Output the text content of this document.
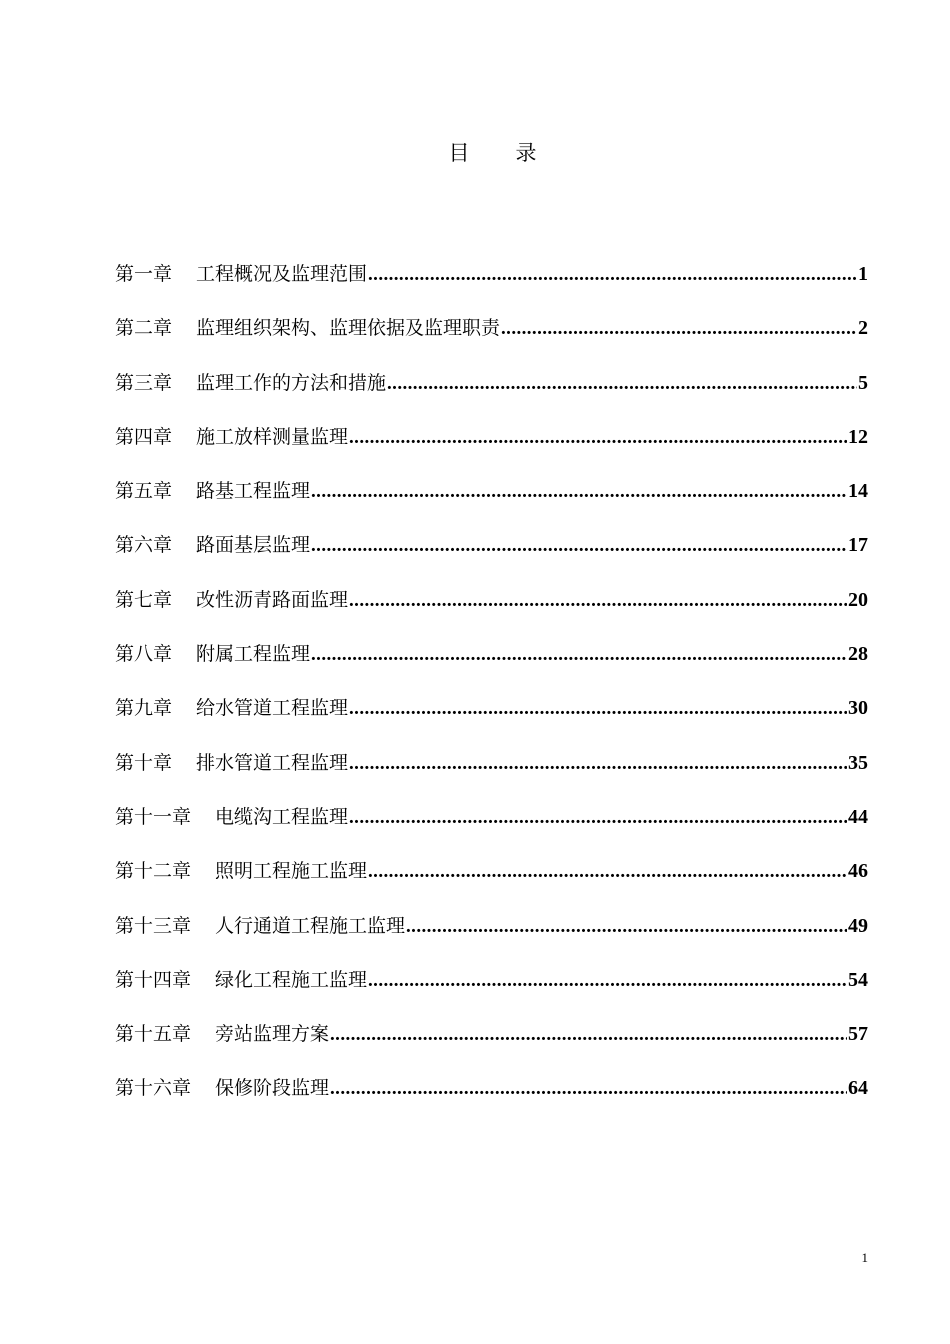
目 录
第一章 工程概况及监理范围 .....	1
第二章 监理组织架构、监理依据及监理职责 .....	2
第三章 监理工作的方法和措施 .....	5
第四章 施工放样测量监理 .....	12
第五章 路基工程监理 .....	14
第六章 路面基层监理 .....	17
第七章 改性沥青路面监理 .....	20
第八章 附属工程监理 .....	28
第九章 给水管道工程监理 .....	30
第十章 排水管道工程监理 .....	35
第十一章 电缆沟工程监理 .....	44
第十二章 照明工程施工监理 .....	46
第十三章 人行通道工程施工监理 .....	49
第十四章 绿化工程施工监理 .....	54
第十五章 旁站监理方案 .....	57
第十六章 保修阶段监理 .....	64
1
